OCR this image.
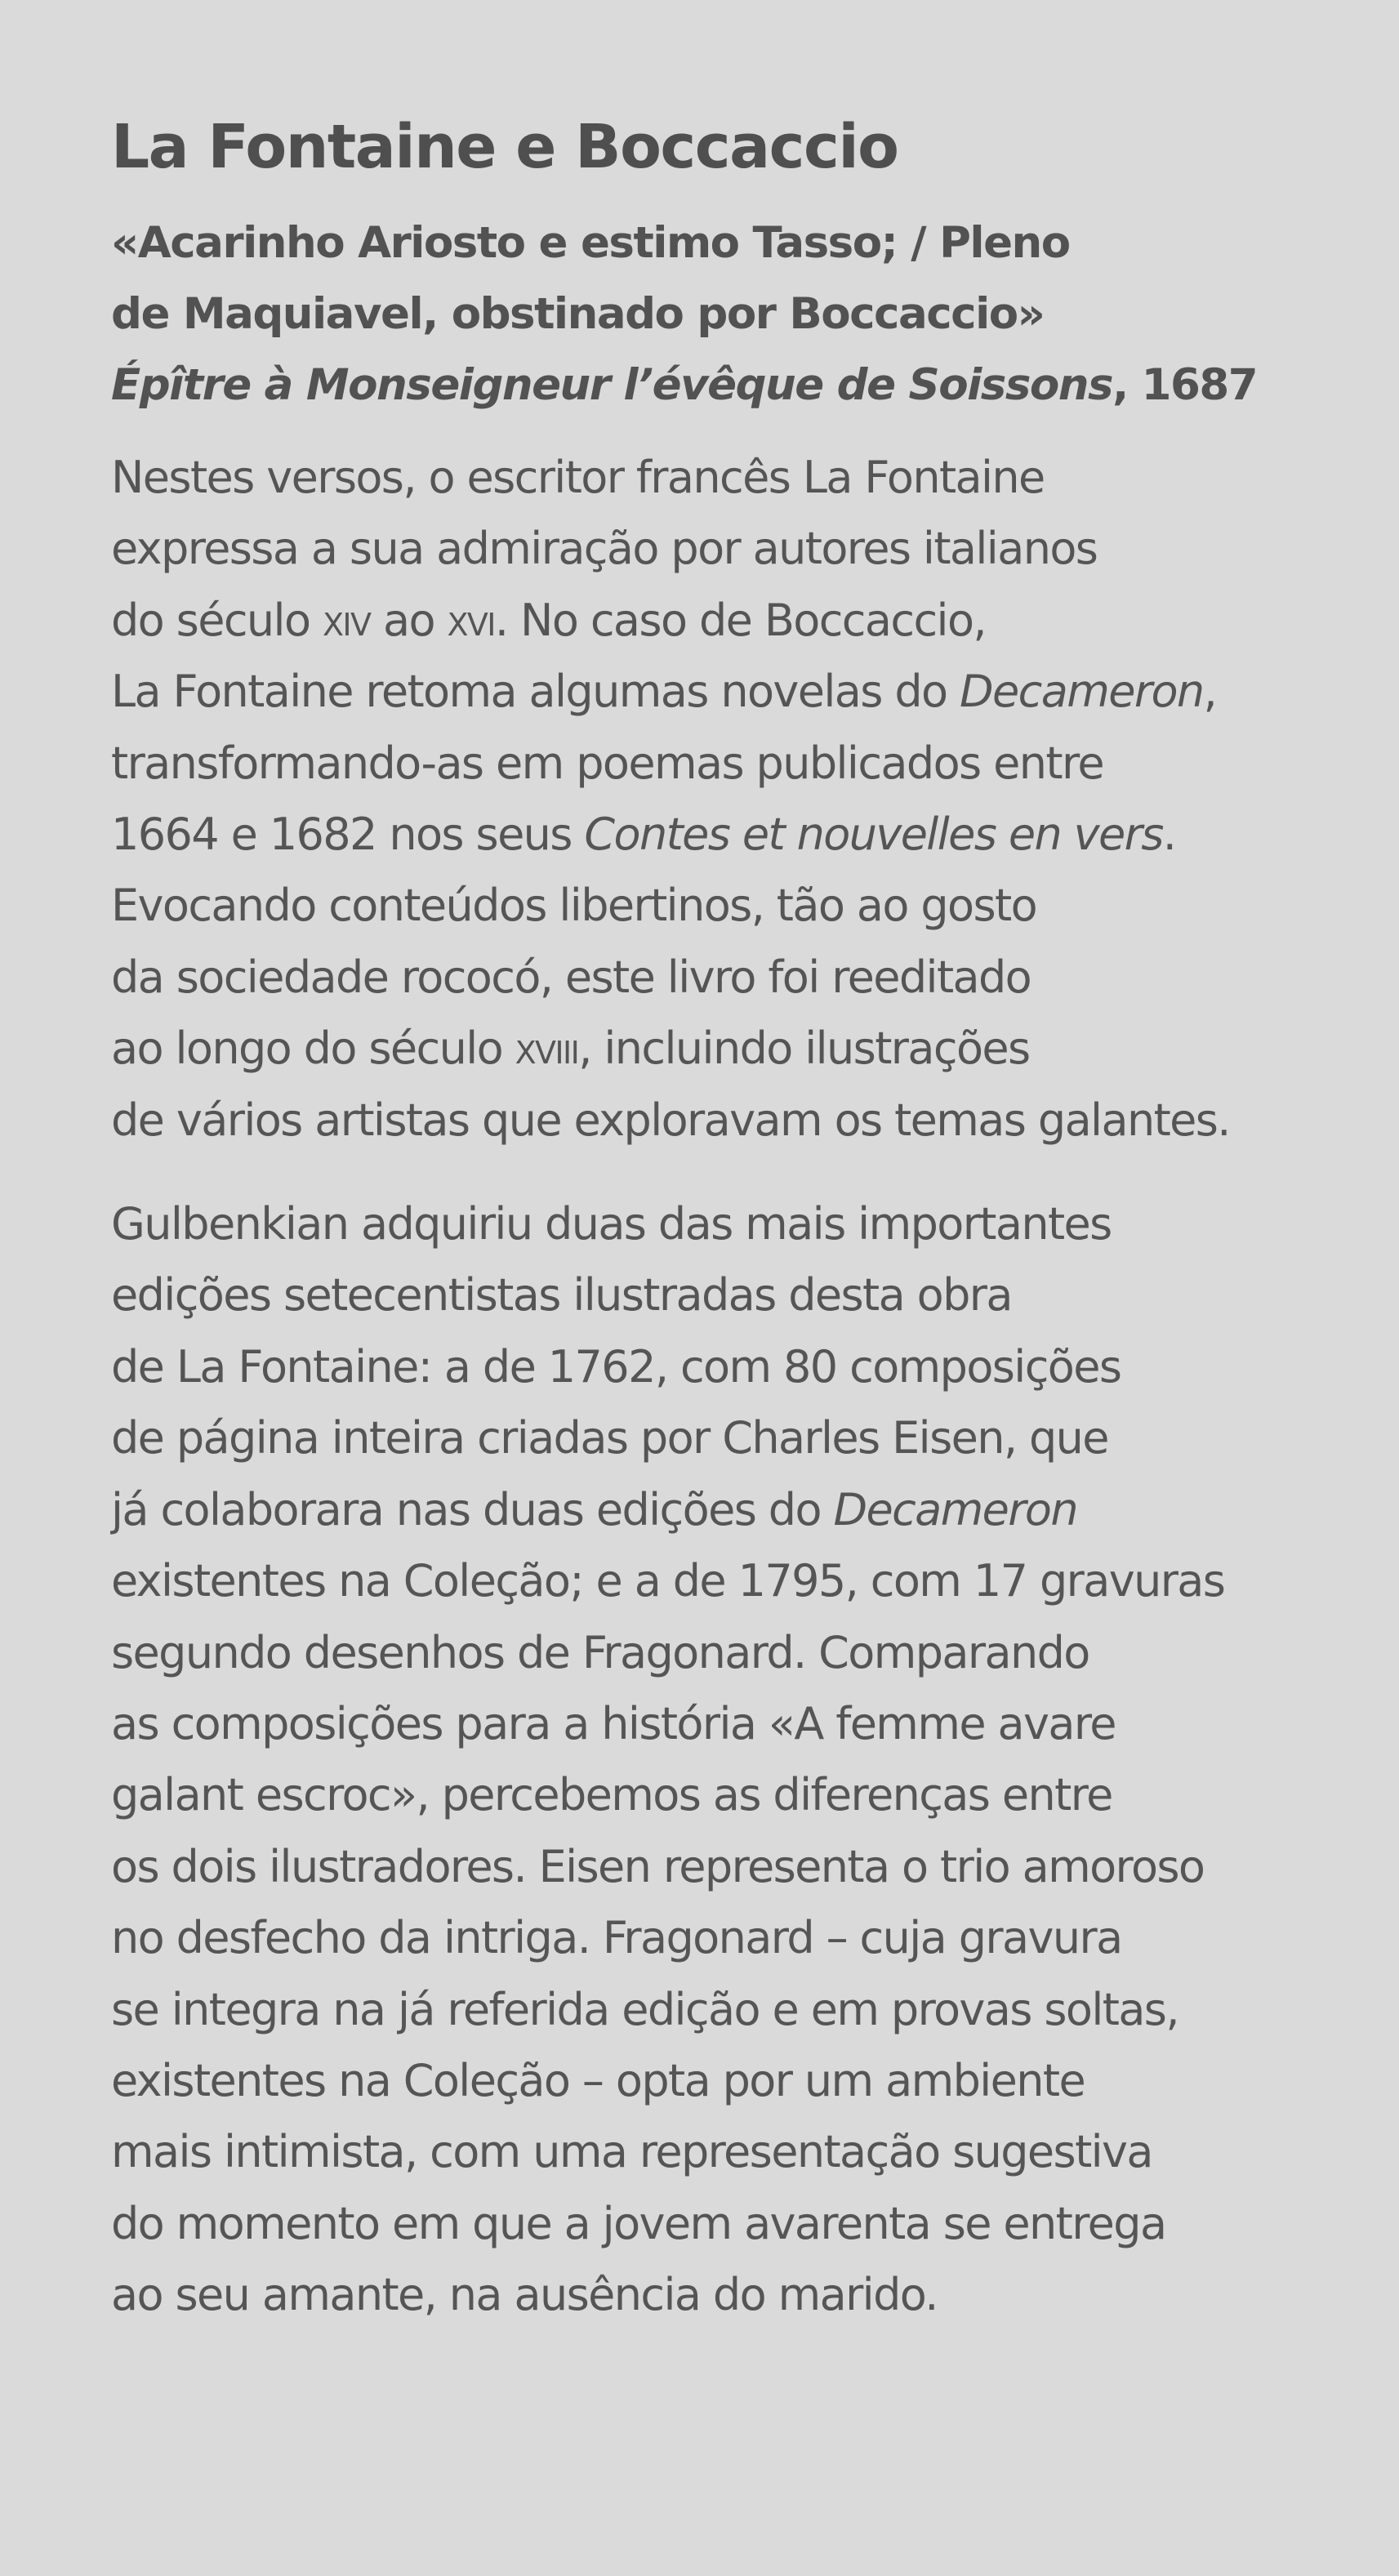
La Fontaine e Boccaccio
«Acarinho Ariosto e estimo Tasso; / Pleno
de Maquiavel, obstinado por Boccaccio»
Épître à Monseigneur l’évêque de Soissons, 1687
Nestes versos, o escritor francês La Fontaine
expressa a sua admiração por autores italianos
do século xiv ao xvi. No caso de Boccaccio,
La Fontaine retoma algumas novelas do Decameron,
transformando-as em poemas publicados entre
1664 e 1682 nos seus Contes et nouvelles en vers.
Evocando conteúdos libertinos, tão ao gosto
da sociedade rococó, este livro foi reeditado
ao longo do século xviii, incluindo ilustrações
de vários artistas que exploravam os temas galantes.
Gulbenkian adquiriu duas das mais importantes
edições setecentistas ilustradas desta obra
de La Fontaine: a de 1762, com 80 composições
de página inteira criadas por Charles Eisen, que
já colaborara nas duas edições do Decameron
existentes na Coleção; e a de 1795, com 17 gravuras
segundo desenhos de Fragonard. Comparando
as composições para a história «A femme avare
galant escroc», percebemos as diferenças entre
os dois ilustradores. Eisen representa o trio amoroso
no desfecho da intriga. Fragonard – cuja gravura
se integra na já referida edição e em provas soltas,
existentes na Coleção – opta por um ambiente
mais intimista, com uma representação sugestiva
do momento em que a jovem avarenta se entrega
ao seu amante, na ausência do marido.
